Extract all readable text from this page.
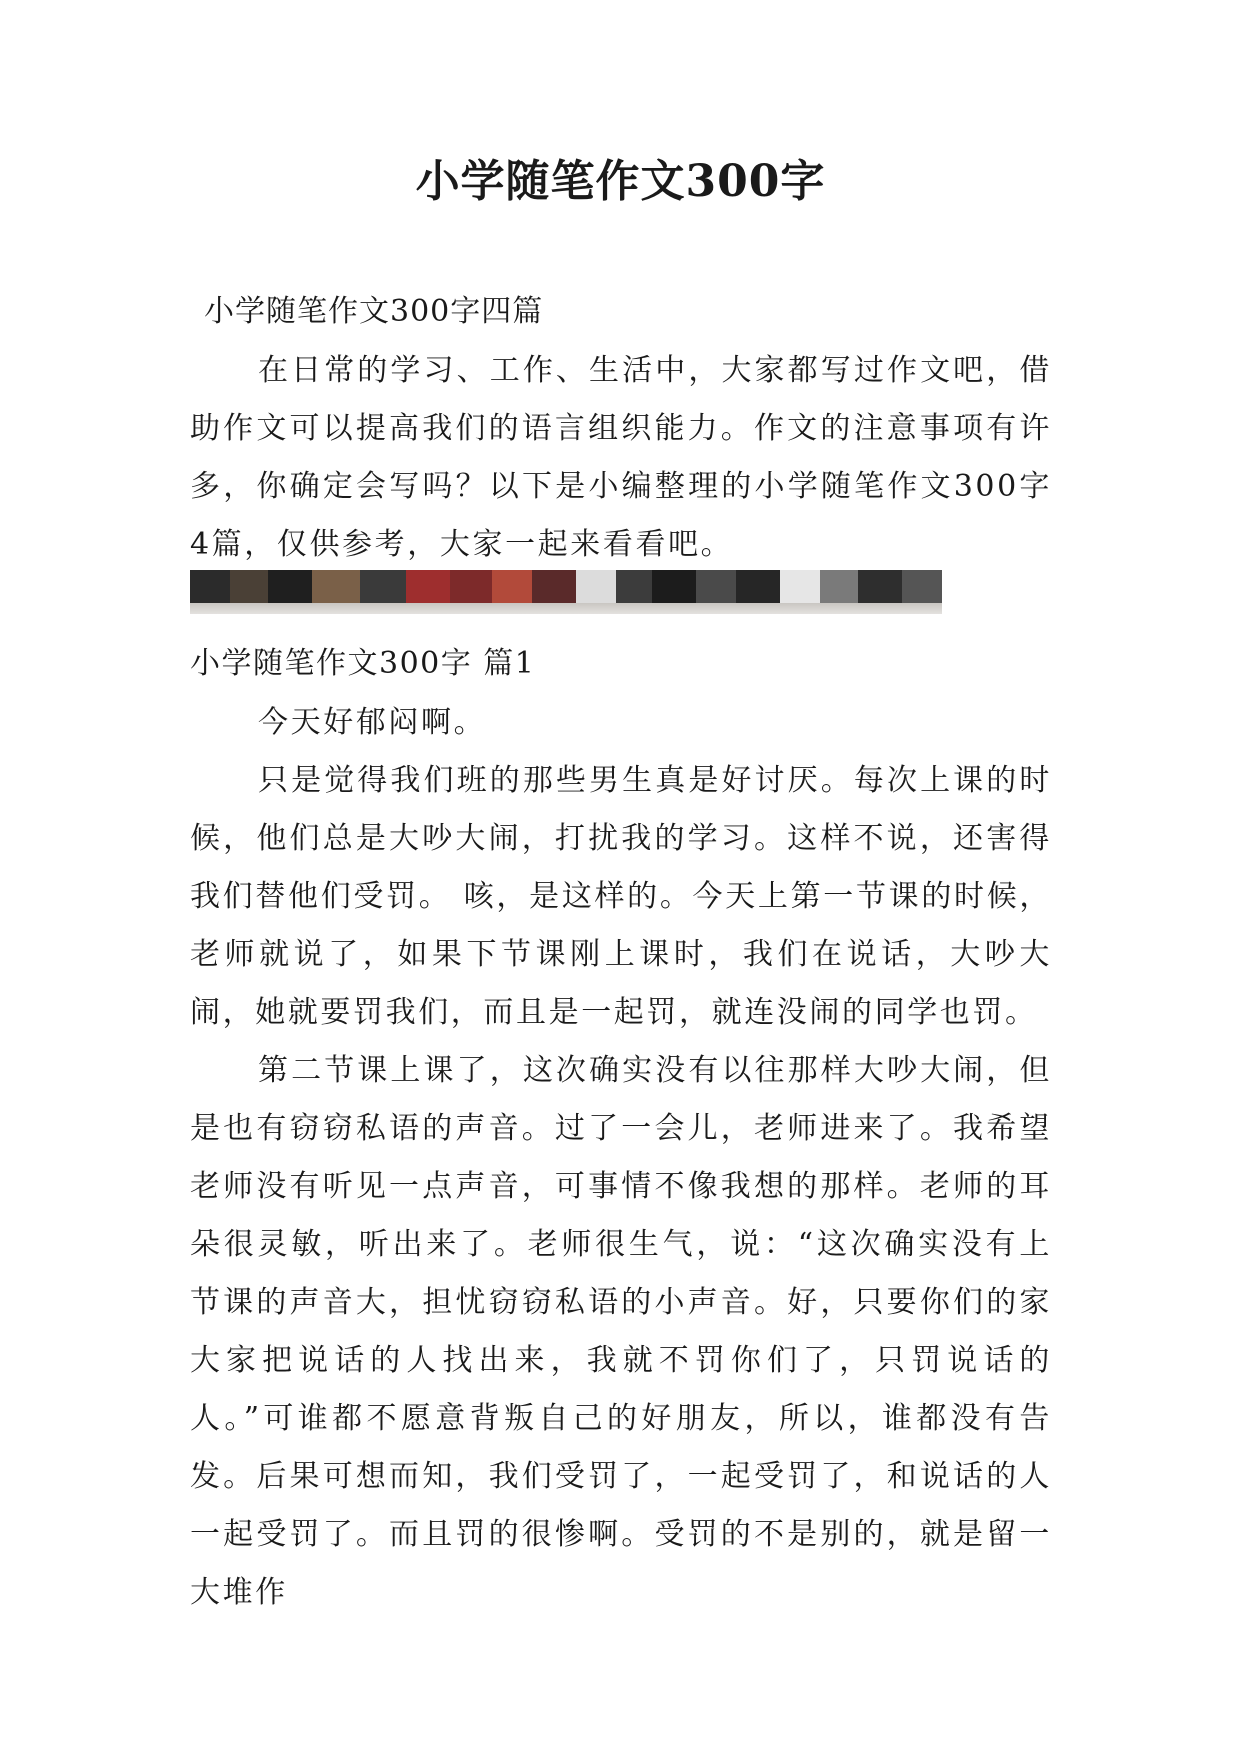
小学随笔作文300字

小学随笔作文300字四篇

在日常的学习、工作、生活中，大家都写过作文吧，借助作文可以提高我们的语言组织能力。作文的注意事项有许多，你确定会写吗？以下是小编整理的小学随笔作文300字4篇，仅供参考，大家一起来看看吧。

小学随笔作文300字 篇1

今天好郁闷啊。

只是觉得我们班的那些男生真是好讨厌。每次上课的时候，他们总是大吵大闹，打扰我的学习。这样不说，还害得我们替他们受罚。 咳，是这样的。今天上第一节课的时候，老师就说了，如果下节课刚上课时，我们在说话，大吵大闹，她就要罚我们，而且是一起罚，就连没闹的同学也罚。

第二节课上课了，这次确实没有以往那样大吵大闹，但是也有窃窃私语的声音。过了一会儿，老师进来了。我希望老师没有听见一点声音，可事情不像我想的那样。老师的耳朵很灵敏，听出来了。老师很生气，说：“这次确实没有上节课的声音大，担忧窃窃私语的小声音。好，只要你们的家大家把说话的人找出来，我就不罚你们了，只罚说话的人。”可谁都不愿意背叛自己的好朋友，所以，谁都没有告发。后果可想而知，我们受罚了，一起受罚了，和说话的人一起受罚了。而且罚的很惨啊。受罚的不是别的，就是留一大堆作
